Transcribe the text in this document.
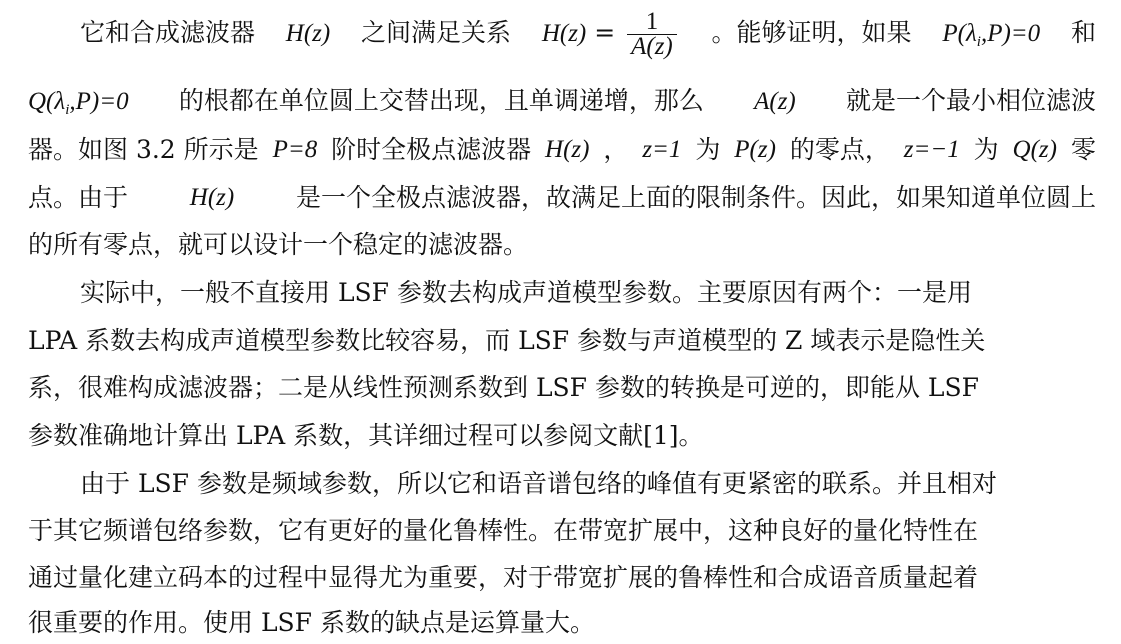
它和合成滤波器 H(z) 之间满足关系 $H(z) = \frac{1}{A(z)}$ 。能够证明，如果 $P(\lambda_i,P)=0$ 和
$Q(\lambda_i,P)=0$ 的根都在单位圆上交替出现，且单调递增，那么 A(z) 就是一个最小相位滤波
器。如图 3.2 所示是 P=8 阶时全极点滤波器 H(z) ， z=1 为 P(z) 的零点， z=−1 为 Q(z) 零
点。由于 H(z) 是一个全极点滤波器，故满足上面的限制条件。因此，如果知道单位圆上
的所有零点，就可以设计一个稳定的滤波器。
实际中，一般不直接用 LSF 参数去构成声道模型参数。主要原因有两个：一是用
LPA 系数去构成声道模型参数比较容易，而 LSF 参数与声道模型的 Z 域表示是隐性关
系，很难构成滤波器；二是从线性预测系数到 LSF 参数的转换是可逆的，即能从 LSF
参数准确地计算出 LPA 系数，其详细过程可以参阅文献[1]。
由于 LSF 参数是频域参数，所以它和语音谱包络的峰值有更紧密的联系。并且相对
于其它频谱包络参数，它有更好的量化鲁棒性。在带宽扩展中，这种良好的量化特性在
通过量化建立码本的过程中显得尤为重要，对于带宽扩展的鲁棒性和合成语音质量起着
很重要的作用。使用 LSF 系数的缺点是运算量大。
